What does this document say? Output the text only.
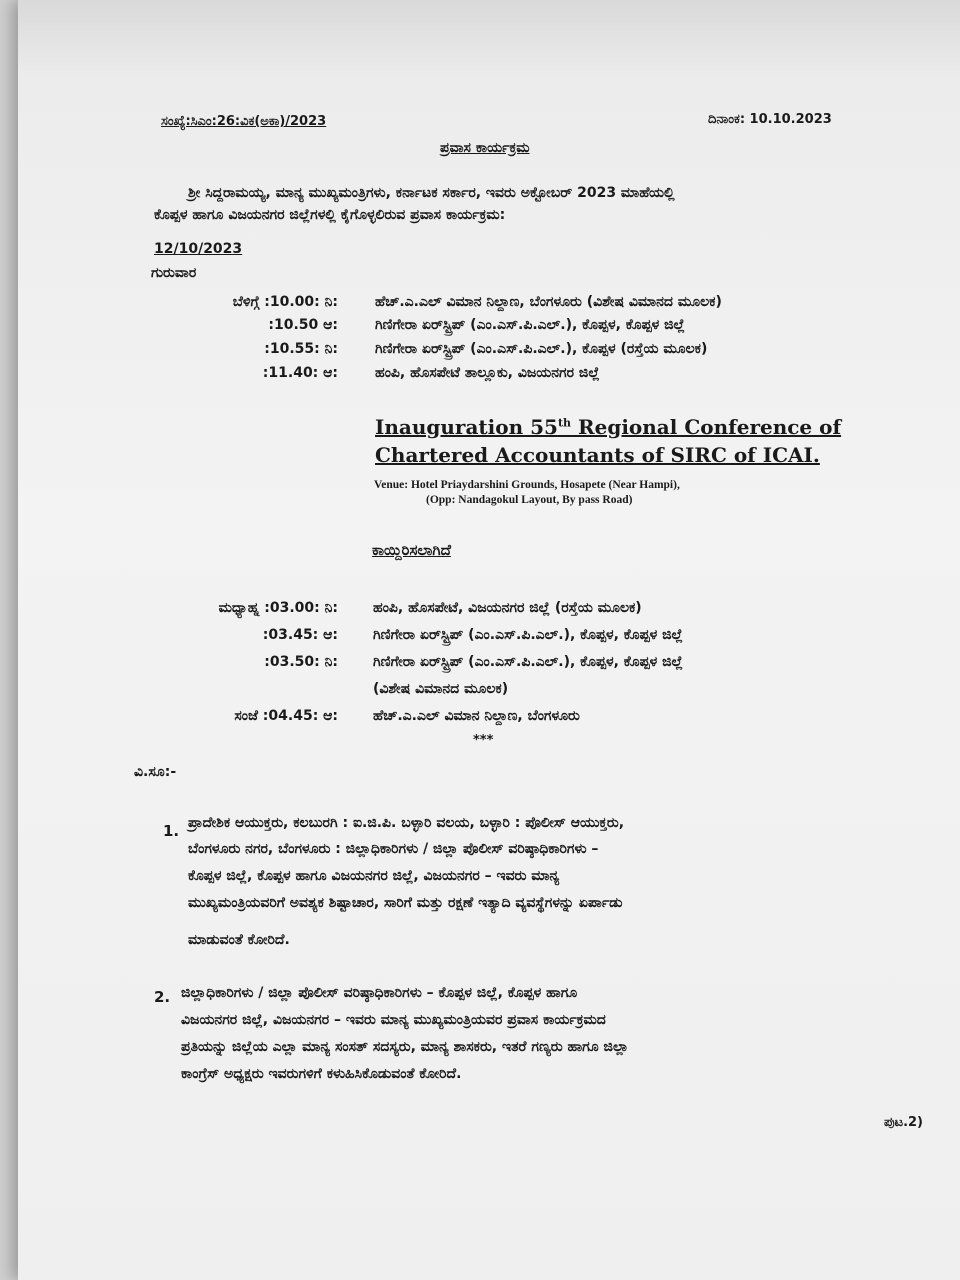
ಸಂಖ್ಯೆ:ಸಿಎಂ:26:ವಿಕ(ಅಕಾ)/2023	ದಿನಾಂಕ: 10.10.2023
ಪ್ರವಾಸ ಕಾರ್ಯಕ್ರಮ
ಶ್ರೀ ಸಿದ್ದರಾಮಯ್ಯ, ಮಾನ್ಯ ಮುಖ್ಯಮಂತ್ರಿಗಳು, ಕರ್ನಾಟಕ ಸರ್ಕಾರ, ಇವರು ಅಕ್ಟೋಬರ್ 2023 ಮಾಹೆಯಲ್ಲಿ
ಕೊಪ್ಪಳ ಹಾಗೂ ವಿಜಯನಗರ ಜಿಲ್ಲೆಗಳಲ್ಲಿ ಕೈಗೊಳ್ಳಲಿರುವ ಪ್ರವಾಸ ಕಾರ್ಯಕ್ರಮ:
12/10/2023
ಗುರುವಾರ
ಬೆಳಿಗ್ಗೆ :10.00: ನಿ:	ಹೆಚ್.ಎ.ಎಲ್ ವಿಮಾನ ನಿಲ್ದಾಣ, ಬೆಂಗಳೂರು (ವಿಶೇಷ ವಿಮಾನದ ಮೂಲಕ)
:10.50 ಆ:	ಗಿಣಿಗೇರಾ ಏರ್‌ಸ್ಟ್ರಿಪ್ (ಎಂ.ಎಸ್.ಪಿ.ಎಲ್.), ಕೊಪ್ಪಳ, ಕೊಪ್ಪಳ ಜಿಲ್ಲೆ
:10.55: ನಿ:	ಗಿಣಿಗೇರಾ ಏರ್‌ಸ್ಟ್ರಿಪ್ (ಎಂ.ಎಸ್.ಪಿ.ಎಲ್.), ಕೊಪ್ಪಳ (ರಸ್ತೆಯ ಮೂಲಕ)
:11.40: ಆ:	ಹಂಪಿ, ಹೊಸಪೇಟೆ ತಾಲ್ಲೂಕು, ವಿಜಯನಗರ ಜಿಲ್ಲೆ
Inauguration 55th Regional Conference of
Chartered Accountants of SIRC of ICAI.
Venue: Hotel Priaydarshini Grounds, Hosapete (Near Hampi),
(Opp: Nandagokul Layout, By pass Road)
ಕಾಯ್ದಿರಿಸಲಾಗಿದೆ
ಮಧ್ಯಾಹ್ನ :03.00: ನಿ:	ಹಂಪಿ, ಹೊಸಪೇಟೆ, ವಿಜಯನಗರ ಜಿಲ್ಲೆ (ರಸ್ತೆಯ ಮೂಲಕ)
:03.45: ಆ:	ಗಿಣಿಗೇರಾ ಏರ್‌ಸ್ಟ್ರಿಪ್ (ಎಂ.ಎಸ್.ಪಿ.ಎಲ್.), ಕೊಪ್ಪಳ, ಕೊಪ್ಪಳ ಜಿಲ್ಲೆ
:03.50: ನಿ:	ಗಿಣಿಗೇರಾ ಏರ್‌ಸ್ಟ್ರಿಪ್ (ಎಂ.ಎಸ್.ಪಿ.ಎಲ್.), ಕೊಪ್ಪಳ, ಕೊಪ್ಪಳ ಜಿಲ್ಲೆ
(ವಿಶೇಷ ವಿಮಾನದ ಮೂಲಕ)
ಸಂಜೆ :04.45: ಆ:	ಹೆಚ್.ಎ.ಎಲ್ ವಿಮಾನ ನಿಲ್ದಾಣ, ಬೆಂಗಳೂರು
***
ವಿ.ಸೂ:-
1. ಪ್ರಾದೇಶಿಕ ಆಯುಕ್ತರು, ಕಲಬುರಗಿ : ಐ.ಜಿ.ಪಿ. ಬಳ್ಳಾರಿ ವಲಯ, ಬಳ್ಳಾರಿ : ಪೊಲೀಸ್ ಆಯುಕ್ತರು,
ಬೆಂಗಳೂರು ನಗರ, ಬೆಂಗಳೂರು : ಜಿಲ್ಲಾಧಿಕಾರಿಗಳು / ಜಿಲ್ಲಾ ಪೊಲೀಸ್ ವರಿಷ್ಠಾಧಿಕಾರಿಗಳು –
ಕೊಪ್ಪಳ ಜಿಲ್ಲೆ, ಕೊಪ್ಪಳ ಹಾಗೂ ವಿಜಯನಗರ ಜಿಲ್ಲೆ, ವಿಜಯನಗರ – ಇವರು ಮಾನ್ಯ
ಮುಖ್ಯಮಂತ್ರಿಯವರಿಗೆ ಅವಶ್ಯಕ ಶಿಷ್ಟಾಚಾರ, ಸಾರಿಗೆ ಮತ್ತು ರಕ್ಷಣೆ ಇತ್ಯಾದಿ ವ್ಯವಸ್ಥೆಗಳನ್ನು ಏರ್ಪಾಡು
ಮಾಡುವಂತೆ ಕೋರಿದೆ.
2. ಜಿಲ್ಲಾಧಿಕಾರಿಗಳು / ಜಿಲ್ಲಾ ಪೊಲೀಸ್ ವರಿಷ್ಠಾಧಿಕಾರಿಗಳು – ಕೊಪ್ಪಳ ಜಿಲ್ಲೆ, ಕೊಪ್ಪಳ ಹಾಗೂ
ವಿಜಯನಗರ ಜಿಲ್ಲೆ, ವಿಜಯನಗರ – ಇವರು ಮಾನ್ಯ ಮುಖ್ಯಮಂತ್ರಿಯವರ ಪ್ರವಾಸ ಕಾರ್ಯಕ್ರಮದ
ಪ್ರತಿಯನ್ನು ಜಿಲ್ಲೆಯ ಎಲ್ಲಾ ಮಾನ್ಯ ಸಂಸತ್ ಸದಸ್ಯರು, ಮಾನ್ಯ ಶಾಸಕರು, ಇತರೆ ಗಣ್ಯರು ಹಾಗೂ ಜಿಲ್ಲಾ
ಕಾಂಗ್ರೆಸ್ ಅಧ್ಯಕ್ಷರು ಇವರುಗಳಿಗೆ ಕಳುಹಿಸಿಕೊಡುವಂತೆ ಕೋರಿದೆ.
ಪುಟ.2)
